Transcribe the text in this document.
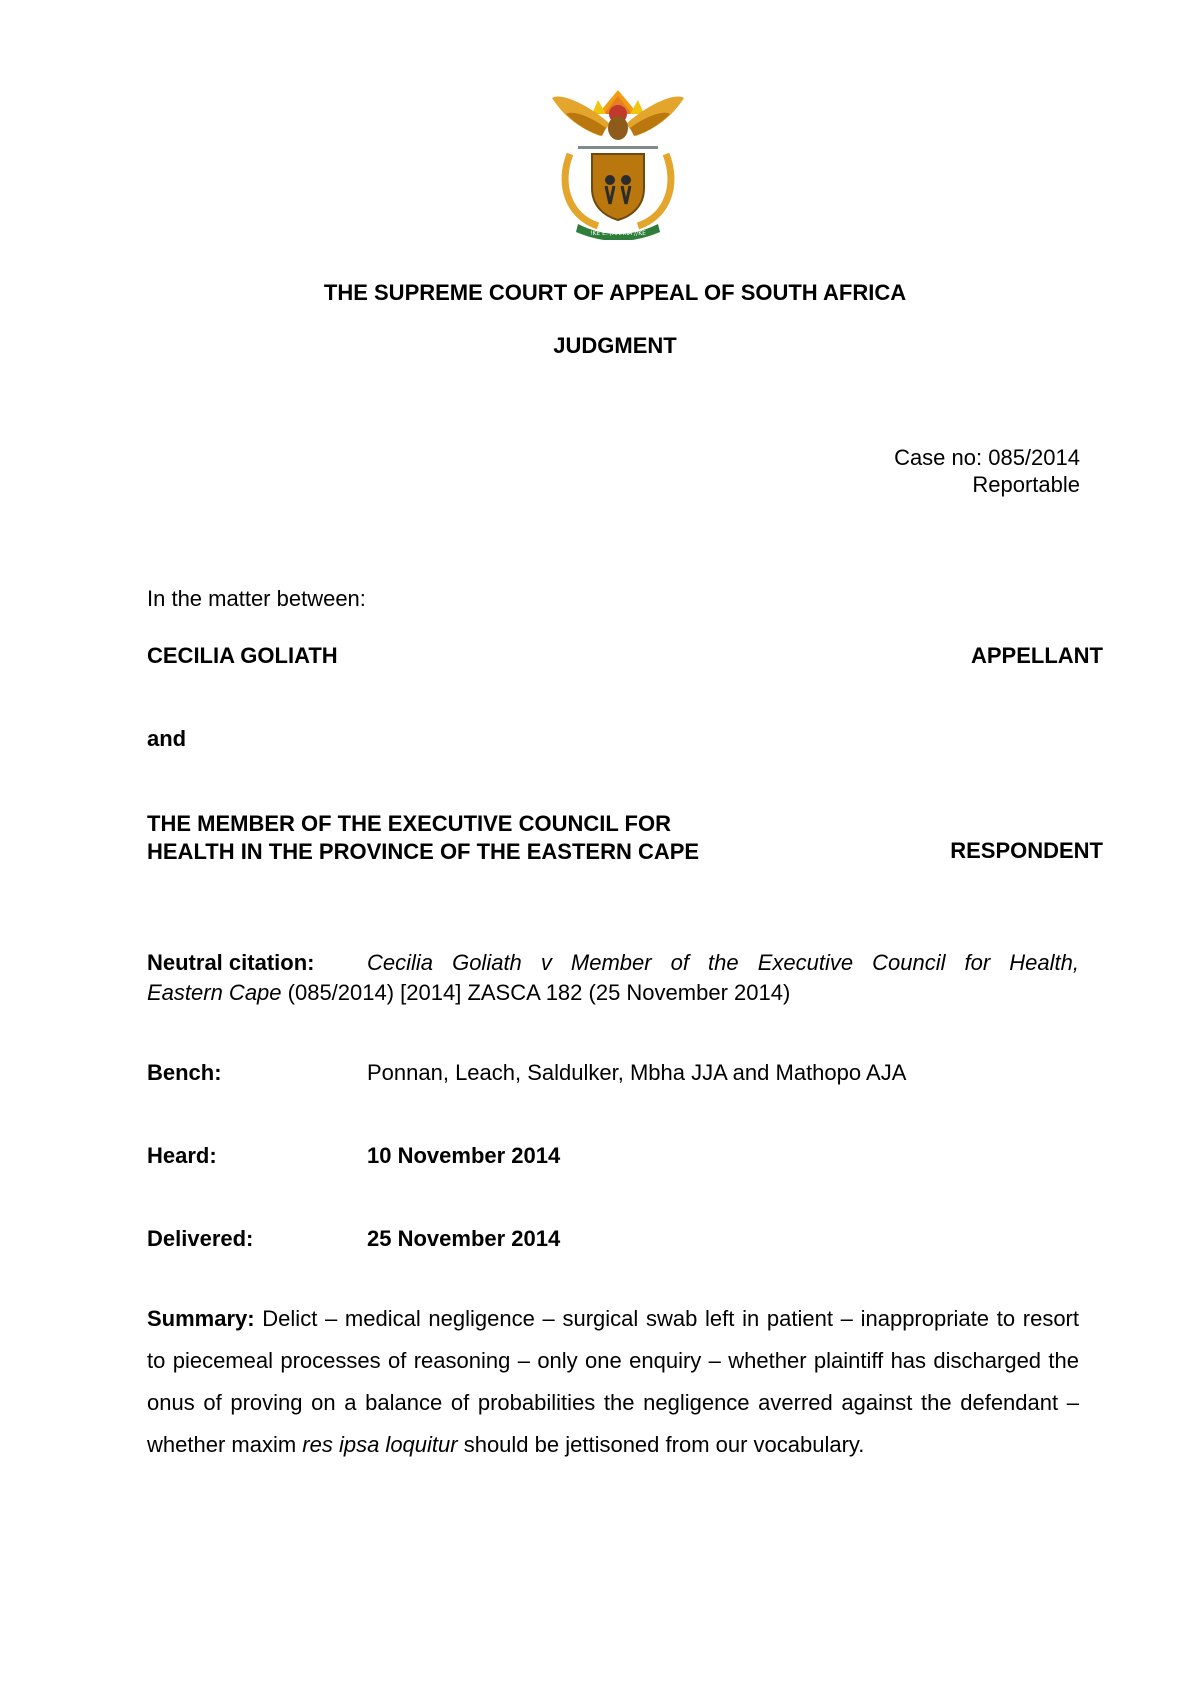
!KE E: /XARRA //KE
THE SUPREME COURT OF APPEAL OF SOUTH AFRICA
JUDGMENT
Case no: 085/2014
Reportable
In the matter between:
CECILIA GOLIATH	APPELLANT
and
THE MEMBER OF THE EXECUTIVE COUNCIL FOR
HEALTH IN THE PROVINCE OF THE EASTERN CAPE	RESPONDENT
Neutral citation:	Cecilia Goliath v Member of the Executive Council for Health,
Eastern Cape (085/2014) [2014] ZASCA 182 (25 November 2014)
Bench:	Ponnan, Leach, Saldulker, Mbha JJA and Mathopo AJA
Heard:	10 November 2014
Delivered:	25 November 2014
Summary: Delict – medical negligence – surgical swab left in patient – inappropriate to resort to piecemeal processes of reasoning – only one enquiry – whether plaintiff has discharged the onus of proving on a balance of probabilities the negligence averred against the defendant – whether maxim res ipsa loquitur should be jettisoned from our vocabulary.
